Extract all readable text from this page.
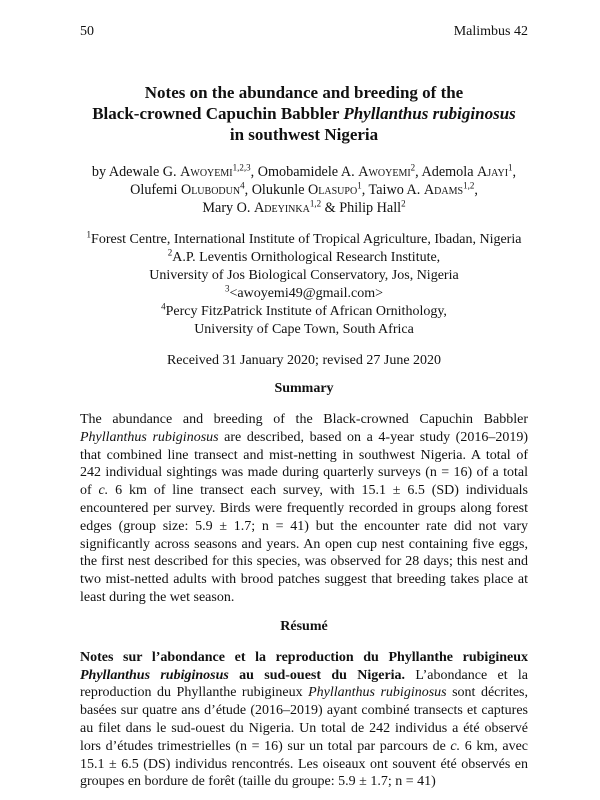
50	Malimbus 42
Notes on the abundance and breeding of the
Black-crowned Capuchin Babbler Phyllanthus rubiginosus
in southwest Nigeria
by Adewale G. Awoyemi$^{1,2,3}$, Omobamidele A. Awoyemi$^2$, Ademola Ajayi$^1$,
Olufemi Olubodun$^4$, Olukunle Olasupo$^1$, Taiwo A. Adams$^{1,2}$,
Mary O. Adeyinka$^{1,2}$ & Philip Hall$^2$
$^1$Forest Centre, International Institute of Tropical Agriculture, Ibadan, Nigeria
$^2$A.P. Leventis Ornithological Research Institute,
University of Jos Biological Conservatory, Jos, Nigeria
$^3$<awoyemi49@gmail.com>
$^4$Percy FitzPatrick Institute of African Ornithology,
University of Cape Town, South Africa
Received 31 January 2020; revised 27 June 2020
Summary

The abundance and breeding of the Black-crowned Capuchin Babbler Phyllanthus rubiginosus are described, based on a 4-year study (2016–2019) that combined line transect and mist-netting in southwest Nigeria. A total of 242 individual sightings was made during quarterly surveys (n = 16) of a total of c. 6 km of line transect each survey, with 15.1 ± 6.5 (SD) individuals encountered per survey. Birds were frequently recorded in groups along forest edges (group size: 5.9 ± 1.7; n = 41) but the encounter rate did not vary significantly across seasons and years. An open cup nest containing five eggs, the first nest described for this species, was observed for 28 days; this nest and two mist-netted adults with brood patches suggest that breeding takes place at least during the wet season.

Résumé

Notes sur l’abondance et la reproduction du Phyllanthe rubigineux Phyllanthus rubiginosus au sud-ouest du Nigeria. L’abondance et la reproduction du Phyllanthe rubigineux Phyllanthus rubiginosus sont décrites, basées sur quatre ans d’étude (2016–2019) ayant combiné transects et captures au filet dans le sud-ouest du Nigeria. Un total de 242 individus a été observé lors d’études trimestrielles (n = 16) sur un total par parcours de c. 6 km, avec 15.1 ± 6.5 (DS) individus rencontrés. Les oiseaux ont souvent été observés en groupes en bordure de forêt (taille du groupe: 5.9 ± 1.7; n = 41)
